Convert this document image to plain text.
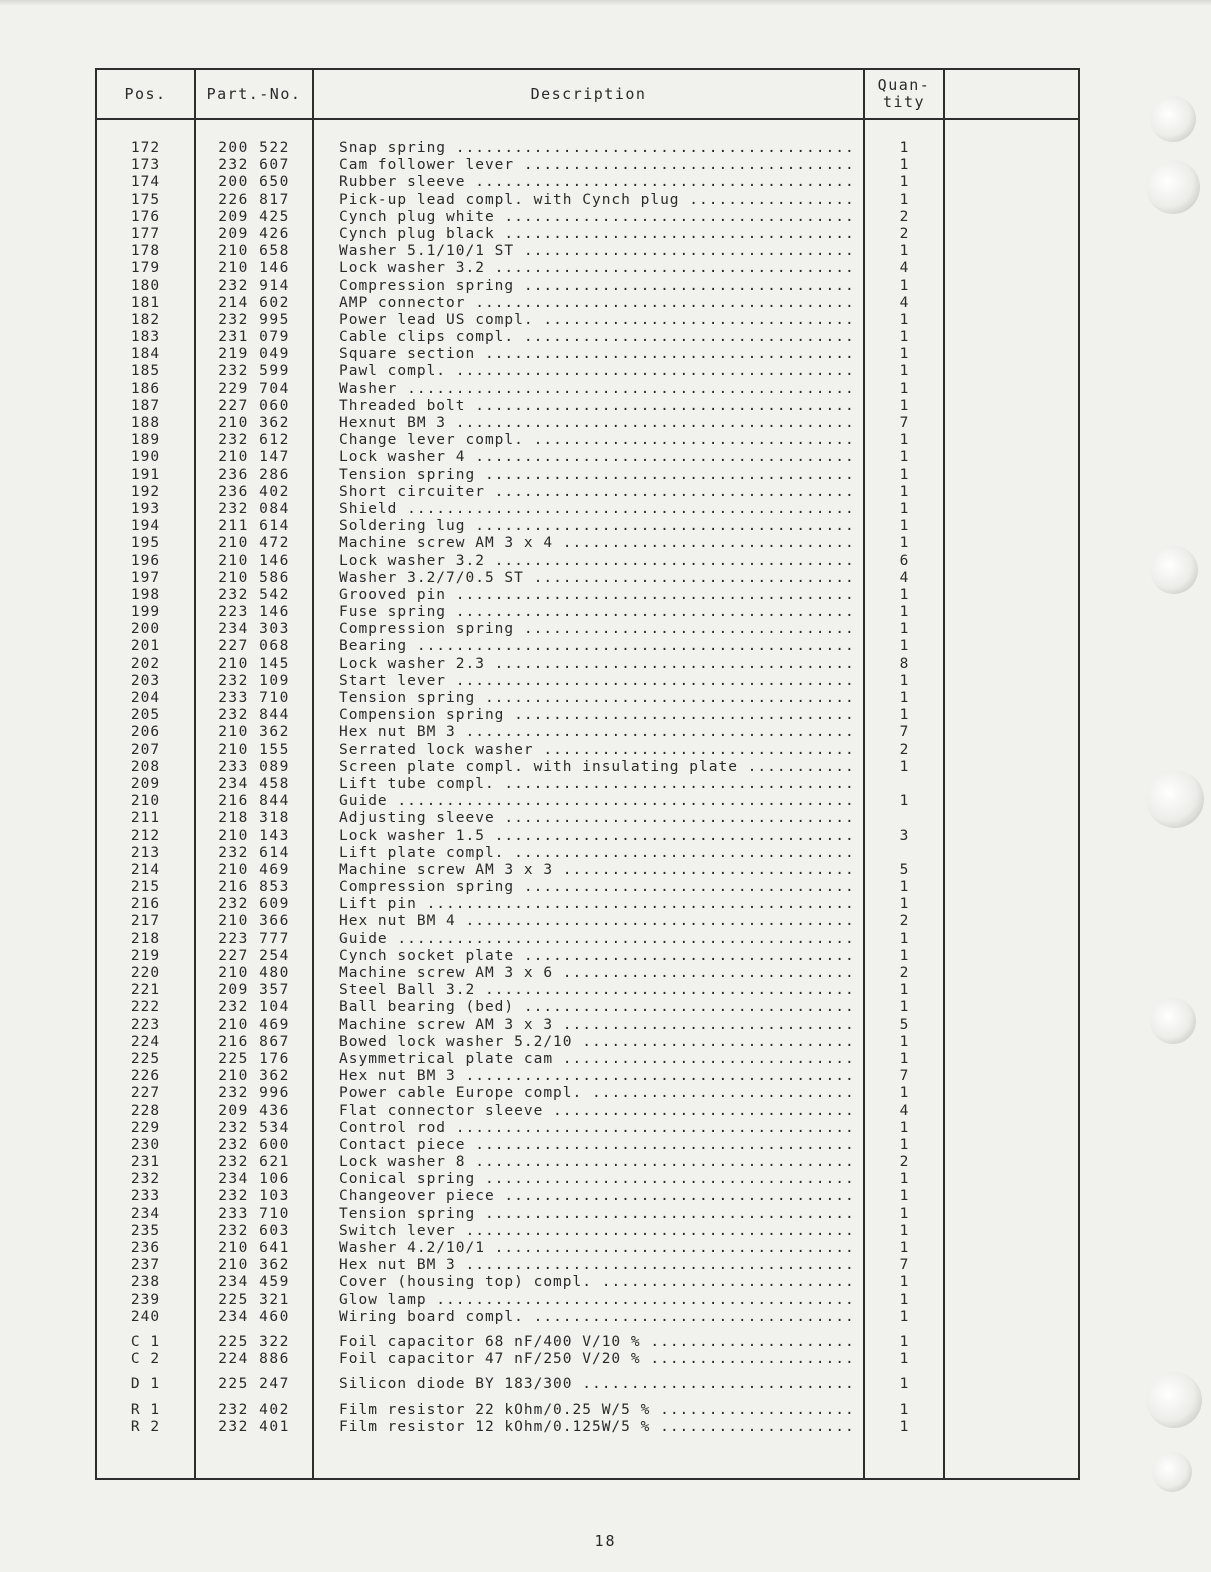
Pos.	Part.-No.	Description	Quan-
tity
172	200 522	Snap spring .....	1
173	232 607	Cam follower lever .....	1
174	200 650	Rubber sleeve .....	1
175	226 817	Pick-up lead compl. with Cynch plug .....	1
176	209 425	Cynch plug white .....	2
177	209 426	Cynch plug black .....	2
178	210 658	Washer 5.1/10/1 ST .....	1
179	210 146	Lock washer 3.2 .....	4
180	232 914	Compression spring .....	1
181	214 602	AMP connector .....	4
182	232 995	Power lead US compl. .....	1
183	231 079	Cable clips compl. .....	1
184	219 049	Square section .....	1
185	232 599	Pawl compl. .....	1
186	229 704	Washer .....	1
187	227 060	Threaded bolt .....	1
188	210 362	Hexnut BM 3 .....	7
189	232 612	Change lever compl. .....	1
190	210 147	Lock washer 4 .....	1
191	236 286	Tension spring .....	1
192	236 402	Short circuiter .....	1
193	232 084	Shield .....	1
194	211 614	Soldering lug .....	1
195	210 472	Machine screw AM 3 x 4 .....	1
196	210 146	Lock washer 3.2 .....	6
197	210 586	Washer 3.2/7/0.5 ST .....	4
198	232 542	Grooved pin .....	1
199	223 146	Fuse spring .....	1
200	234 303	Compression spring .....	1
201	227 068	Bearing .....	1
202	210 145	Lock washer 2.3 .....	8
203	232 109	Start lever .....	1
204	233 710	Tension spring .....	1
205	232 844	Compension spring .....	1
206	210 362	Hex nut BM 3 .....	7
207	210 155	Serrated lock washer .....	2
208	233 089	Screen plate compl. with insulating plate .....	1
209	234 458	Lift tube compl. .....
210	216 844	Guide .....	1
211	218 318	Adjusting sleeve .....
212	210 143	Lock washer 1.5 .....	3
213	232 614	Lift plate compl. .....
214	210 469	Machine screw AM 3 x 3 .....	5
215	216 853	Compression spring .....	1
216	232 609	Lift pin .....	1
217	210 366	Hex nut BM 4 .....	2
218	223 777	Guide .....	1
219	227 254	Cynch socket plate .....	1
220	210 480	Machine screw AM 3 x 6 .....	2
221	209 357	Steel Ball 3.2 .....	1
222	232 104	Ball bearing (bed) .....	1
223	210 469	Machine screw AM 3 x 3 .....	5
224	216 867	Bowed lock washer 5.2/10 .....	1
225	225 176	Asymmetrical plate cam .....	1
226	210 362	Hex nut BM 3 .....	7
227	232 996	Power cable Europe compl. .....	1
228	209 436	Flat connector sleeve .....	4
229	232 534	Control rod .....	1
230	232 600	Contact piece .....	1
231	232 621	Lock washer 8 .....	2
232	234 106	Conical spring .....	1
233	232 103	Changeover piece .....	1
234	233 710	Tension spring .....	1
235	232 603	Switch lever .....	1
236	210 641	Washer 4.2/10/1 .....	1
237	210 362	Hex nut BM 3 .....	7
238	234 459	Cover (housing top) compl. .....	1
239	225 321	Glow lamp .....	1
240	234 460	Wiring board compl. .....	1
C 1	225 322	Foil capacitor 68 nF/400 V/10 % .....	1
C 2	224 886	Foil capacitor 47 nF/250 V/20 % .....	1
D 1	225 247	Silicon diode BY 183/300 .....	1
R 1	232 402	Film resistor 22 kOhm/0.25 W/5 % .....	1
R 2	232 401	Film resistor 12 kOhm/0.125W/5 % .....	1
18
